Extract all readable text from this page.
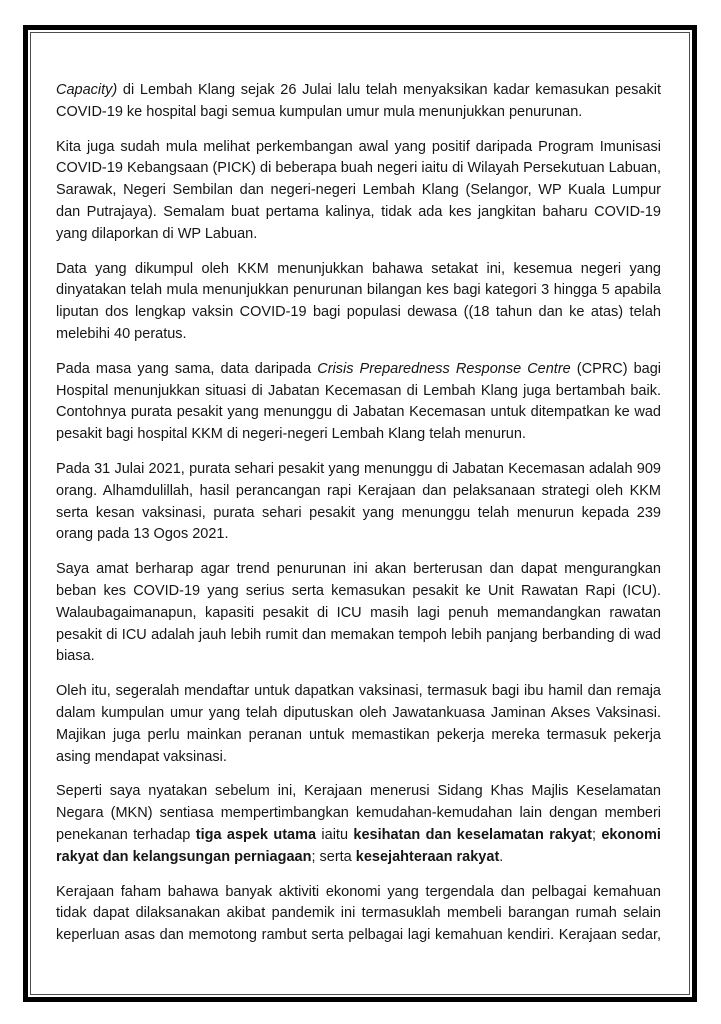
Capacity) di Lembah Klang sejak 26 Julai lalu telah menyaksikan kadar kemasukan pesakit COVID-19 ke hospital bagi semua kumpulan umur mula menunjukkan penurunan.

Kita juga sudah mula melihat perkembangan awal yang positif daripada Program Imunisasi COVID-19 Kebangsaan (PICK) di beberapa buah negeri iaitu di Wilayah Persekutuan Labuan, Sarawak, Negeri Sembilan dan negeri-negeri Lembah Klang (Selangor, WP Kuala Lumpur dan Putrajaya). Semalam buat pertama kalinya, tidak ada kes jangkitan baharu COVID-19 yang dilaporkan di WP Labuan.

Data yang dikumpul oleh KKM menunjukkan bahawa setakat ini, kesemua negeri yang dinyatakan telah mula menunjukkan penurunan bilangan kes bagi kategori 3 hingga 5 apabila liputan dos lengkap vaksin COVID-19 bagi populasi dewasa ((18 tahun dan ke atas) telah melebihi 40 peratus.

Pada masa yang sama, data daripada Crisis Preparedness Response Centre (CPRC) bagi Hospital menunjukkan situasi di Jabatan Kecemasan di Lembah Klang juga bertambah baik. Contohnya purata pesakit yang menunggu di Jabatan Kecemasan untuk ditempatkan ke wad pesakit bagi hospital KKM di negeri-negeri Lembah Klang telah menurun.

Pada 31 Julai 2021, purata sehari pesakit yang menunggu di Jabatan Kecemasan adalah 909 orang. Alhamdulillah, hasil perancangan rapi Kerajaan dan pelaksanaan strategi oleh KKM serta kesan vaksinasi, purata sehari pesakit yang menunggu telah menurun kepada 239 orang pada 13 Ogos 2021.

Saya amat berharap agar trend penurunan ini akan berterusan dan dapat mengurangkan beban kes COVID-19 yang serius serta kemasukan pesakit ke Unit Rawatan Rapi (ICU). Walaubagaimanapun, kapasiti pesakit di ICU masih lagi penuh memandangkan rawatan pesakit di ICU adalah jauh lebih rumit dan memakan tempoh lebih panjang berbanding di wad biasa.

Oleh itu, segeralah mendaftar untuk dapatkan vaksinasi, termasuk bagi ibu hamil dan remaja dalam kumpulan umur yang telah diputuskan oleh Jawatankuasa Jaminan Akses Vaksinasi. Majikan juga perlu mainkan peranan untuk memastikan pekerja mereka termasuk pekerja asing mendapat vaksinasi.

Seperti saya nyatakan sebelum ini, Kerajaan menerusi Sidang Khas Majlis Keselamatan Negara (MKN) sentiasa mempertimbangkan kemudahan-kemudahan lain dengan memberi penekanan terhadap tiga aspek utama iaitu kesihatan dan keselamatan rakyat; ekonomi rakyat dan kelangsungan perniagaan; serta kesejahteraan rakyat.

Kerajaan faham bahawa banyak aktiviti ekonomi yang tergendala dan pelbagai kemahuan tidak dapat dilaksanakan akibat pandemik ini termasuklah membeli barangan rumah selain keperluan asas dan memotong rambut serta pelbagai lagi kemahuan kendiri. Kerajaan sedar,
